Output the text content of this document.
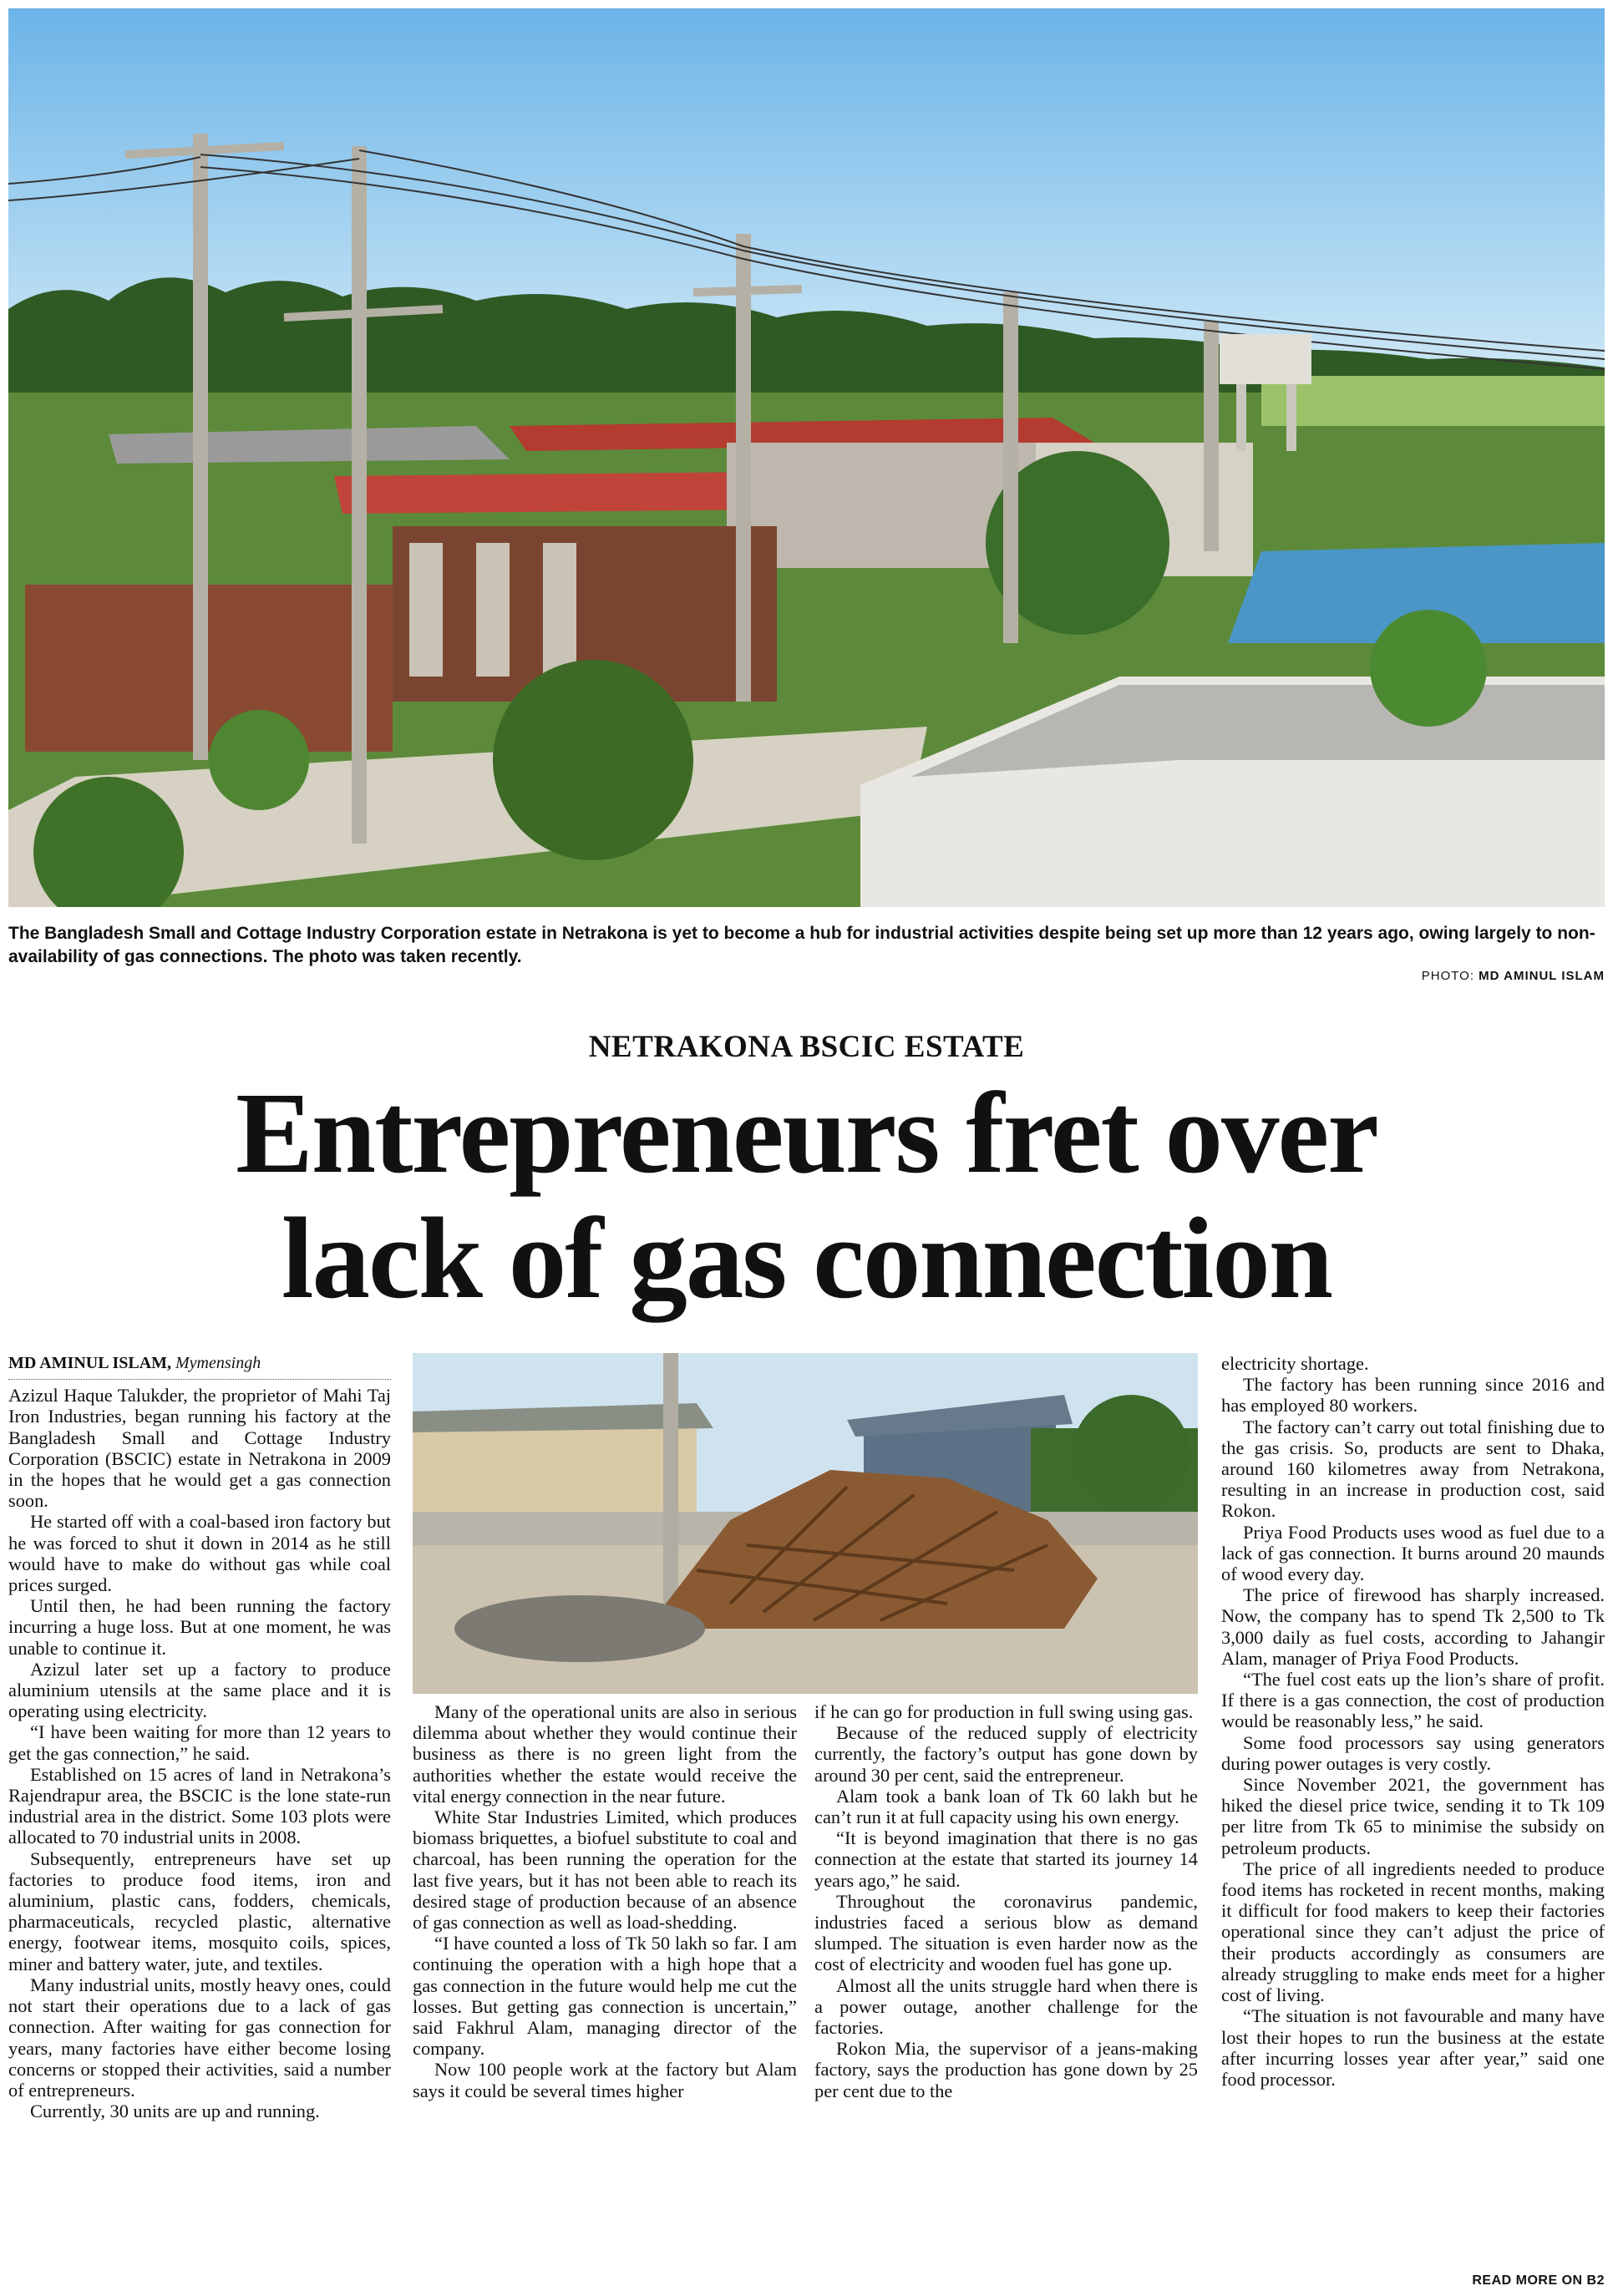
The Bangladesh Small and Cottage Industry Corporation estate in Netrakona is yet to become a hub for industrial activities despite being set up more than 12 years ago, owing largely to non-availability of gas connections. The photo was taken recently.
PHOTO: MD AMINUL ISLAM
NETRAKONA BSCIC ESTATE
Entrepreneurs fret over
lack of gas connection
MD AMINUL ISLAM, Mymensingh

Azizul Haque Talukder, the proprietor of Mahi Taj Iron Industries, began running his factory at the Bangladesh Small and Cottage Industry Corporation (BSCIC) estate in Netrakona in 2009 in the hopes that he would get a gas connection soon.

He started off with a coal-based iron factory but he was forced to shut it down in 2014 as he still would have to make do without gas while coal prices surged.

Until then, he had been running the factory incurring a huge loss. But at one moment, he was unable to continue it.

Azizul later set up a factory to produce aluminium utensils at the same place and it is operating using electricity.

“I have been waiting for more than 12 years to get the gas connection,” he said.

Established on 15 acres of land in Netrakona’s Rajendrapur area, the BSCIC is the lone state-run industrial area in the district. Some 103 plots were allocated to 70 industrial units in 2008.

Subsequently, entrepreneurs have set up factories to produce food items, iron and aluminium, plastic cans, fodders, chemicals, pharmaceuticals, recycled plastic, alternative energy, footwear items, mosquito coils, spices, miner and battery water, jute, and textiles.

Many industrial units, mostly heavy ones, could not start their operations due to a lack of gas connection. After waiting for gas connection for years, many factories have either become losing concerns or stopped their activities, said a number of entrepreneurs.

Currently, 30 units are up and running.

Many of the operational units are also in serious dilemma about whether they would continue their business as there is no green light from the authorities whether the estate would receive the vital energy connection in the near future.

White Star Industries Limited, which produces biomass briquettes, a biofuel substitute to coal and charcoal, has been running the operation for the last five years, but it has not been able to reach its desired stage of production because of an absence of gas connection as well as load-shedding.

“I have counted a loss of Tk 50 lakh so far. I am continuing the operation with a high hope that a gas connection in the future would help me cut the losses. But getting gas connection is uncertain,” said Fakhrul Alam, managing director of the company.

Now 100 people work at the factory but Alam says it could be several times higher

if he can go for production in full swing using gas.

Because of the reduced supply of electricity currently, the factory’s output has gone down by around 30 per cent, said the entrepreneur.

Alam took a bank loan of Tk 60 lakh but he can’t run it at full capacity using his own energy.

“It is beyond imagination that there is no gas connection at the estate that started its journey 14 years ago,” he said.

Throughout the coronavirus pandemic, industries faced a serious blow as demand slumped. The situation is even harder now as the cost of electricity and wooden fuel has gone up.

Almost all the units struggle hard when there is a power outage, another challenge for the factories.

Rokon Mia, the supervisor of a jeans-making factory, says the production has gone down by 25 per cent due to the

electricity shortage.

The factory has been running since 2016 and has employed 80 workers.

The factory can’t carry out total finishing due to the gas crisis. So, products are sent to Dhaka, around 160 kilometres away from Netrakona, resulting in an increase in production cost, said Rokon.

Priya Food Products uses wood as fuel due to a lack of gas connection. It burns around 20 maunds of wood every day.

The price of firewood has sharply increased. Now, the company has to spend Tk 2,500 to Tk 3,000 daily as fuel costs, according to Jahangir Alam, manager of Priya Food Products.

“The fuel cost eats up the lion’s share of profit. If there is a gas connection, the cost of production would be reasonably less,” he said.

Some food processors say using generators during power outages is very costly.

Since November 2021, the government has hiked the diesel price twice, sending it to Tk 109 per litre from Tk 65 to minimise the subsidy on petroleum products.

The price of all ingredients needed to produce food items has rocketed in recent months, making it difficult for food makers to keep their factories operational since they can’t adjust the price of their products accordingly as consumers are already struggling to make ends meet for a higher cost of living.

“The situation is not favourable and many have lost their hopes to run the business at the estate after incurring losses year after year,” said one food processor.

READ MORE ON B2
